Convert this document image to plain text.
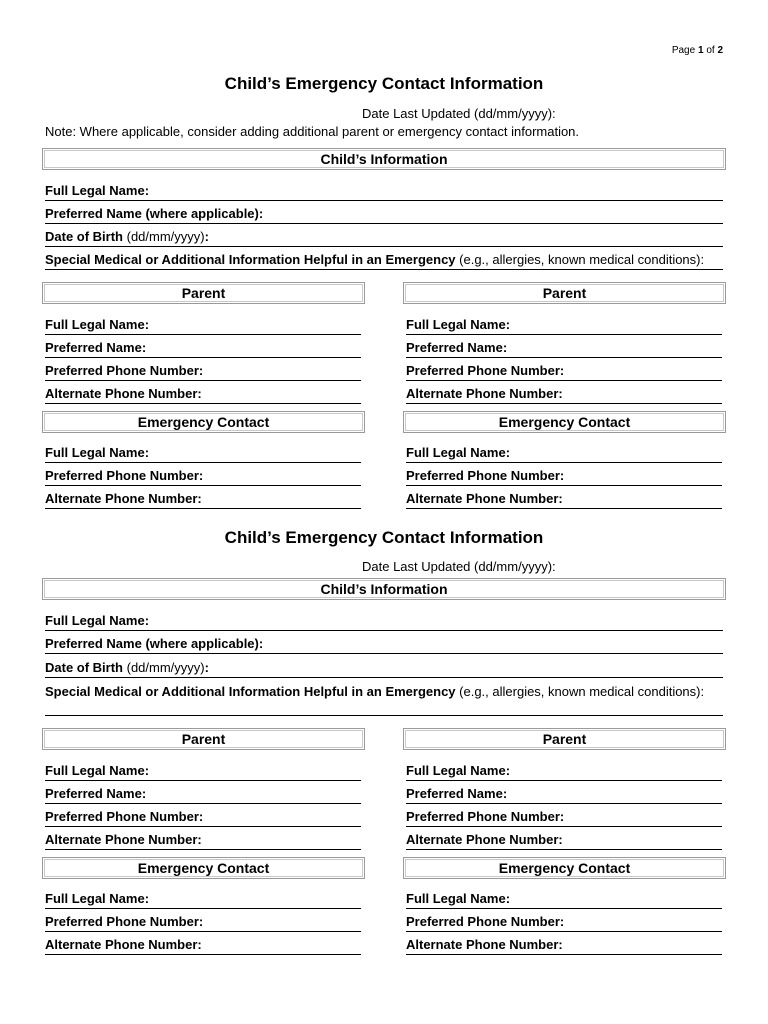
Page 1 of 2
Child’s Emergency Contact Information
Date Last Updated (dd/mm/yyyy):
Note: Where applicable, consider adding additional parent or emergency contact information.
Child’s Information
Full Legal Name:
Preferred Name (where applicable):
Date of Birth
(dd/mm/yyyy) :
Special Medical or Additional Information Helpful in an Emergency
(e.g., allergies, known medical conditions):
Parent
Full Legal Name:
Preferred Name:
Preferred Phone Number:
Alternate Phone Number:
Parent
Full Legal Name:
Preferred Name:
Preferred Phone Number:
Alternate Phone Number:
Emergency Contact
Full Legal Name:
Preferred Phone Number:
Alternate Phone Number:
Emergency Contact
Full Legal Name:
Preferred Phone Number:
Alternate Phone Number:
Child’s Emergency Contact Information
Date Last Updated (dd/mm/yyyy):
Child’s Information
Full Legal Name:
Preferred Name (where applicable):
Date of Birth
(dd/mm/yyyy) :
Special Medical or Additional Information Helpful in an Emergency
(e.g., allergies, known medical conditions):
Parent
Full Legal Name:
Preferred Name:
Preferred Phone Number:
Alternate Phone Number:
Parent
Full Legal Name:
Preferred Name:
Preferred Phone Number:
Alternate Phone Number:
Emergency Contact
Full Legal Name:
Preferred Phone Number:
Alternate Phone Number:
Emergency Contact
Full Legal Name:
Preferred Phone Number:
Alternate Phone Number:
